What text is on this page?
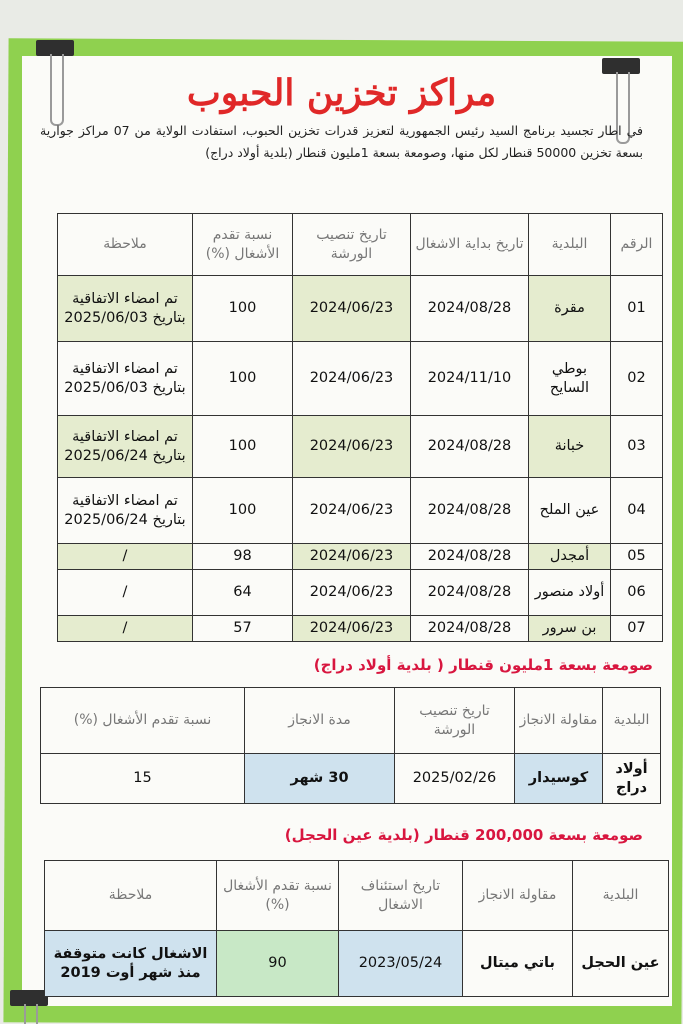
مراكز تخزين الحبوب
في اطار تجسيد برنامج السيد رئيس الجمهورية لتعزيز قدرات تخزين الحبوب، استفادت الولاية من 07 مراكز جوارية بسعة تخزين 50000 قنطار لكل منها، وصومعة بسعة 1مليون قنطار (بلدية أولاد دراج)
الرقم	البلدية	تاريخ بداية الاشغال	تاريخ تنصيب الورشة	نسبة تقدم الأشغال (%)	ملاحظة
01	مقرة	2024/08/28	2024/06/23	100	تم امضاء الاتفاقية بتاريخ 2025/06/03
02	بوطي السايح	2024/11/10	2024/06/23	100	تم امضاء الاتفاقية بتاريخ 2025/06/03
03	خبانة	2024/08/28	2024/06/23	100	تم امضاء الاتفاقية بتاريخ 2025/06/24
04	عين الملح	2024/08/28	2024/06/23	100	تم امضاء الاتفاقية بتاريخ 2025/06/24
05	أمجدل	2024/08/28	2024/06/23	98	/
06	أولاد منصور	2024/08/28	2024/06/23	64	/
07	بن سرور	2024/08/28	2024/06/23	57	/
صومعة بسعة 1مليون قنطار ( بلدية أولاد دراج)
البلدية	مقاولة الانجاز	تاريخ تنصيب الورشة	مدة الانجاز	نسبة تقدم الأشغال (%)
أولاد دراج	كوسيدار	2025/02/26	30 شهر	15
صومعة بسعة 200,000 قنطار (بلدية عين الحجل)
البلدية	مقاولة الانجاز	تاريخ استئناف الاشغال	نسبة تقدم الأشغال (%)	ملاحظة
عين الحجل	باتي ميتال	2023/05/24	90	الاشغال كانت متوقفة منذ شهر أوت 2019
